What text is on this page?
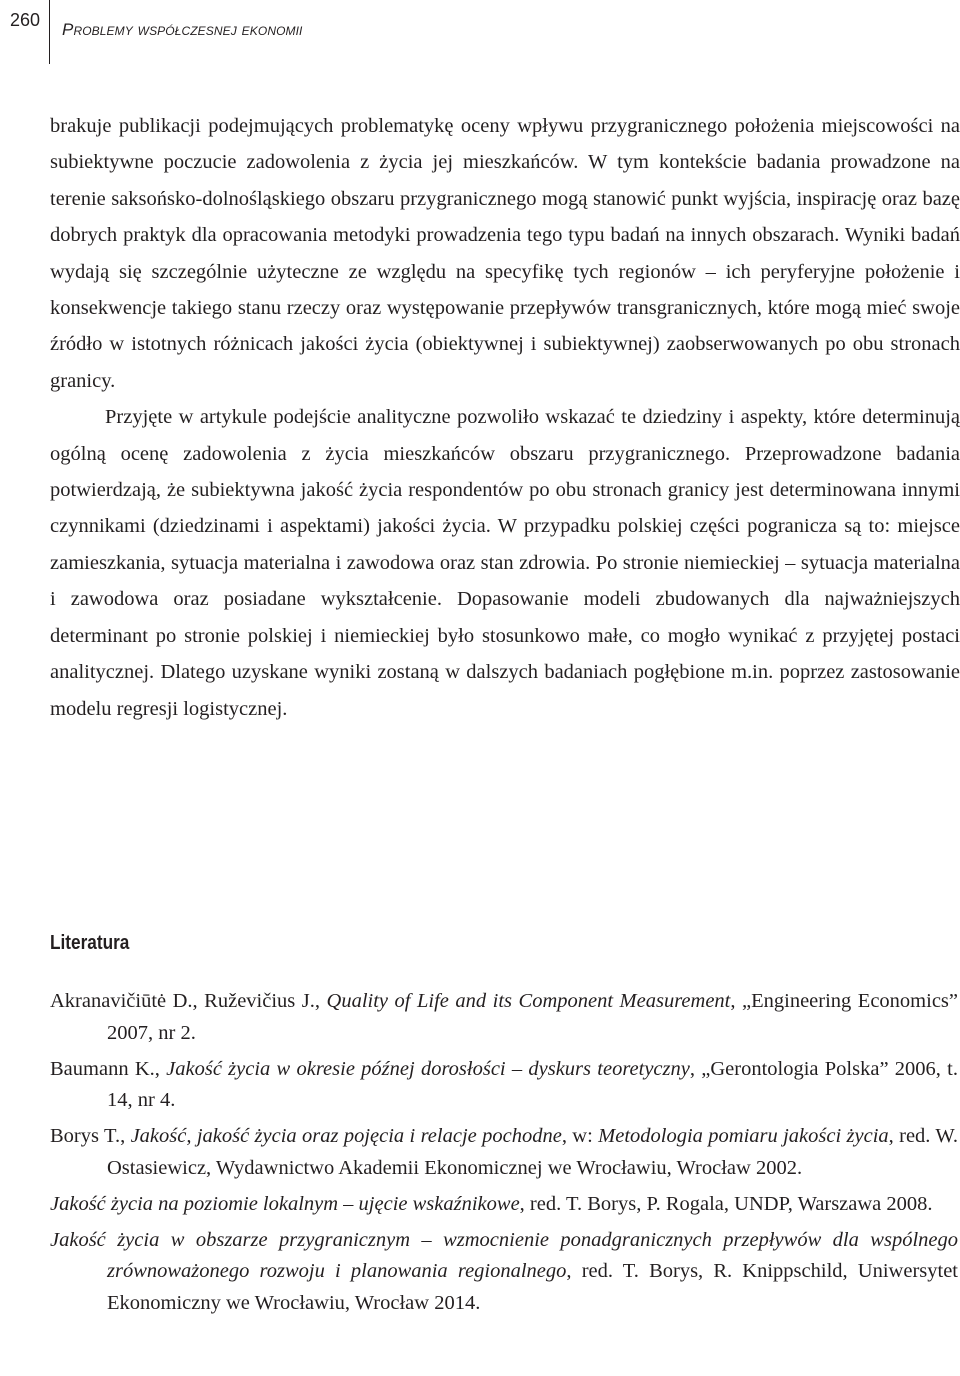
260 Problemy współczesnej ekonomii

brakuje publikacji podejmujących problematykę oceny wpływu przygranicznego położenia miejscowości na subiektywne poczucie zadowolenia z życia jej mieszkańców. W tym kontekście badania prowadzone na terenie saksońsko-dolnośląskiego obszaru przygranicznego mogą stanowić punkt wyjścia, inspirację oraz bazę dobrych praktyk dla opracowania metodyki prowadzenia tego typu badań na innych obszarach. Wyniki badań wydają się szczególnie użyteczne ze względu na specyfikę tych regionów – ich peryferyjne położenie i konsekwencje takiego stanu rzeczy oraz występowanie przepływów transgranicznych, które mogą mieć swoje źródło w istotnych różnicach jakości życia (obiektywnej i subiektywnej) zaobserwowanych po obu stronach granicy.

Przyjęte w artykule podejście analityczne pozwoliło wskazać te dziedziny i aspekty, które determinują ogólną ocenę zadowolenia z życia mieszkańców obszaru przygranicznego. Przeprowadzone badania potwierdzają, że subiektywna jakość życia respondentów po obu stronach granicy jest determinowana innymi czynnikami (dziedzinami i aspektami) jakości życia. W przypadku polskiej części pogranicza są to: miejsce zamieszkania, sytuacja materialna i zawodowa oraz stan zdrowia. Po stronie niemieckiej – sytuacja materialna i zawodowa oraz posiadane wykształcenie. Dopasowanie modeli zbudowanych dla najważniejszych determinant po stronie polskiej i niemieckiej było stosunkowo małe, co mogło wynikać z przyjętej postaci analitycznej. Dlatego uzyskane wyniki zostaną w dalszych badaniach pogłębione m.in. poprzez zastosowanie modelu regresji logistycznej.

Literatura

Akranavičiūtė D., Ruževičius J., Quality of Life and its Component Measurement, „Engineering Economics” 2007, nr 2.

Baumann K., Jakość życia w okresie późnej dorosłości – dyskurs teoretyczny, „Gerontologia Polska” 2006, t. 14, nr 4.

Borys T., Jakość, jakość życia oraz pojęcia i relacje pochodne, w: Metodologia pomiaru jakości życia, red. W. Ostasiewicz, Wydawnictwo Akademii Ekonomicznej we Wrocławiu, Wrocław 2002.

Jakość życia na poziomie lokalnym – ujęcie wskaźnikowe, red. T. Borys, P. Rogala, UNDP, Warszawa 2008.

Jakość życia w obszarze przygranicznym – wzmocnienie ponadgranicznych przepływów dla wspólnego zrównoważonego rozwoju i planowania regionalnego, red. T. Borys, R. Knippschild, Uniwersytet Ekonomiczny we Wrocławiu, Wrocław 2014.
